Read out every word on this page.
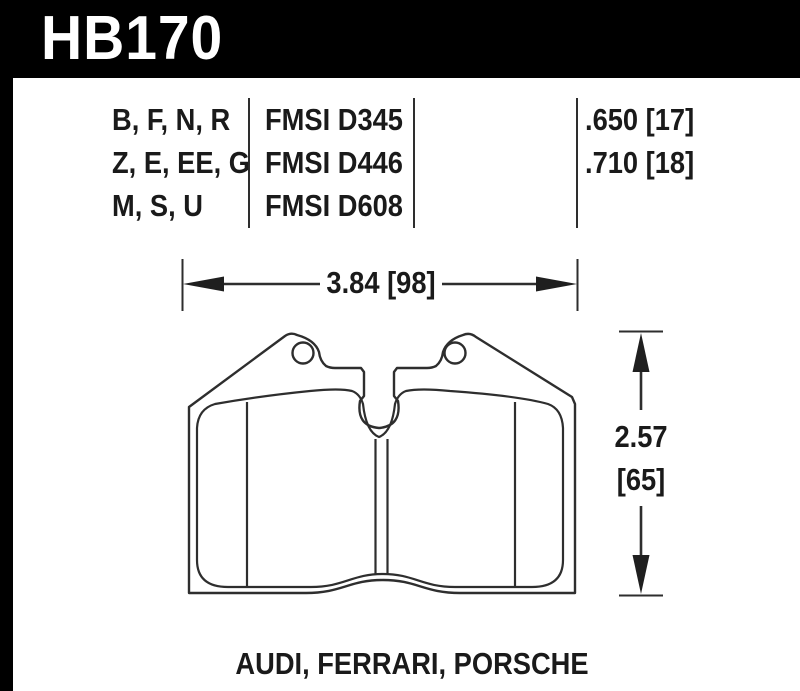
HB170
B, F, N, R FMSI D345	.650 [17]
Z, E, EE, G FMSI D446	.710 [18]
M, S, U FMSI D608
3.84 [98]
2.57
[65]
AUDI, FERRARI, PORSCHE
